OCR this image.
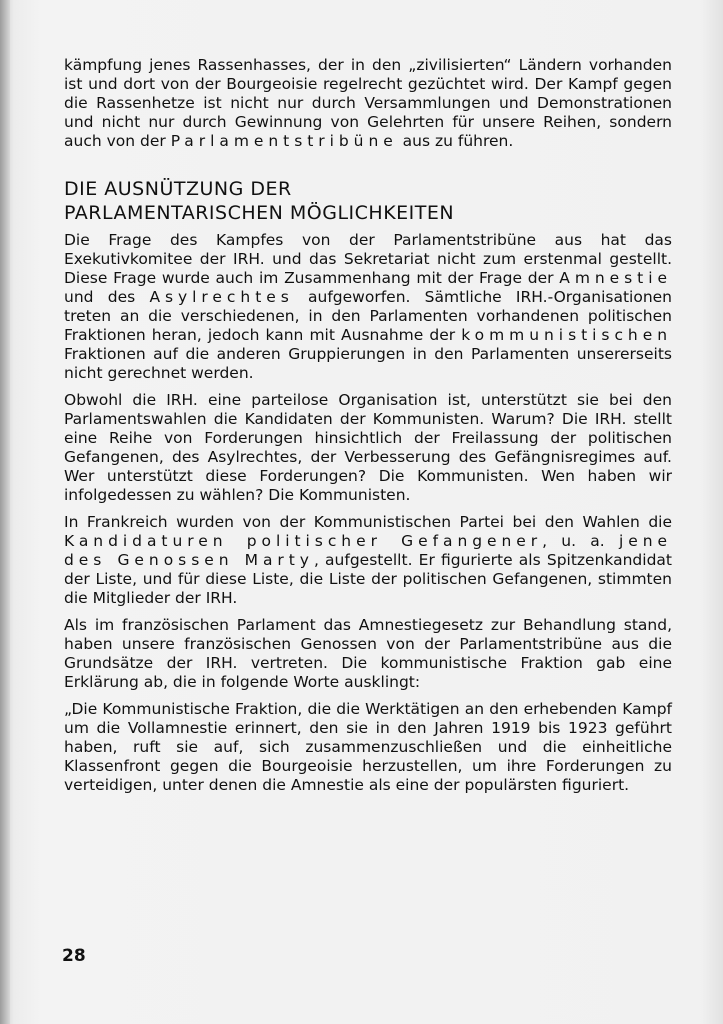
kämpfung jenes Rassenhasses, der in den „zivilisierten“ Ländern vorhanden ist und dort von der Bourgeoisie regelrecht gezüchtet wird. Der Kampf gegen die Rassenhetze ist nicht nur durch Versammlungen und Demonstrationen und nicht nur durch Gewinnung von Gelehrten für unsere Reihen, sondern auch von der Parlamentstribüne aus zu führen.

DIE AUSNÜTZUNG DER
PARLAMENTARISCHEN MÖGLICHKEITEN

Die Frage des Kampfes von der Parlamentstribüne aus hat das Exekutivkomitee der IRH. und das Sekretariat nicht zum erstenmal gestellt. Diese Frage wurde auch im Zusammenhang mit der Frage der Amnestie und des Asylrechtes aufgeworfen. Sämtliche IRH.-Organisationen treten an die verschiedenen, in den Parlamenten vorhandenen politischen Fraktionen heran, jedoch kann mit Ausnahme der kommunistischen Fraktionen auf die anderen Gruppierungen in den Parlamenten unsererseits nicht gerechnet werden.

Obwohl die IRH. eine parteilose Organisation ist, unterstützt sie bei den Parlamentswahlen die Kandidaten der Kommunisten. Warum? Die IRH. stellt eine Reihe von Forderungen hinsichtlich der Freilassung der politischen Gefangenen, des Asylrechtes, der Verbesserung des Gefängnisregimes auf. Wer unterstützt diese Forderungen? Die Kommunisten. Wen haben wir infolgedessen zu wählen? Die Kommunisten.

In Frankreich wurden von der Kommunistischen Partei bei den Wahlen die Kandidaturen politischer Gefangener, u. a. jene des Genossen Marty, aufgestellt. Er figurierte als Spitzenkandidat der Liste, und für diese Liste, die Liste der politischen Gefangenen, stimmten die Mitglieder der IRH.

Als im französischen Parlament das Amnestiegesetz zur Behandlung stand, haben unsere französischen Genossen von der Parlamentstribüne aus die Grundsätze der IRH. vertreten. Die kommunistische Fraktion gab eine Erklärung ab, die in folgende Worte ausklingt:

„Die Kommunistische Fraktion, die die Werktätigen an den erhebenden Kampf um die Vollamnestie erinnert, den sie in den Jahren 1919 bis 1923 geführt haben, ruft sie auf, sich zusammenzuschließen und die einheitliche Klassenfront gegen die Bourgeoisie herzustellen, um ihre Forderungen zu verteidigen, unter denen die Amnestie als eine der populärsten figuriert.

28
